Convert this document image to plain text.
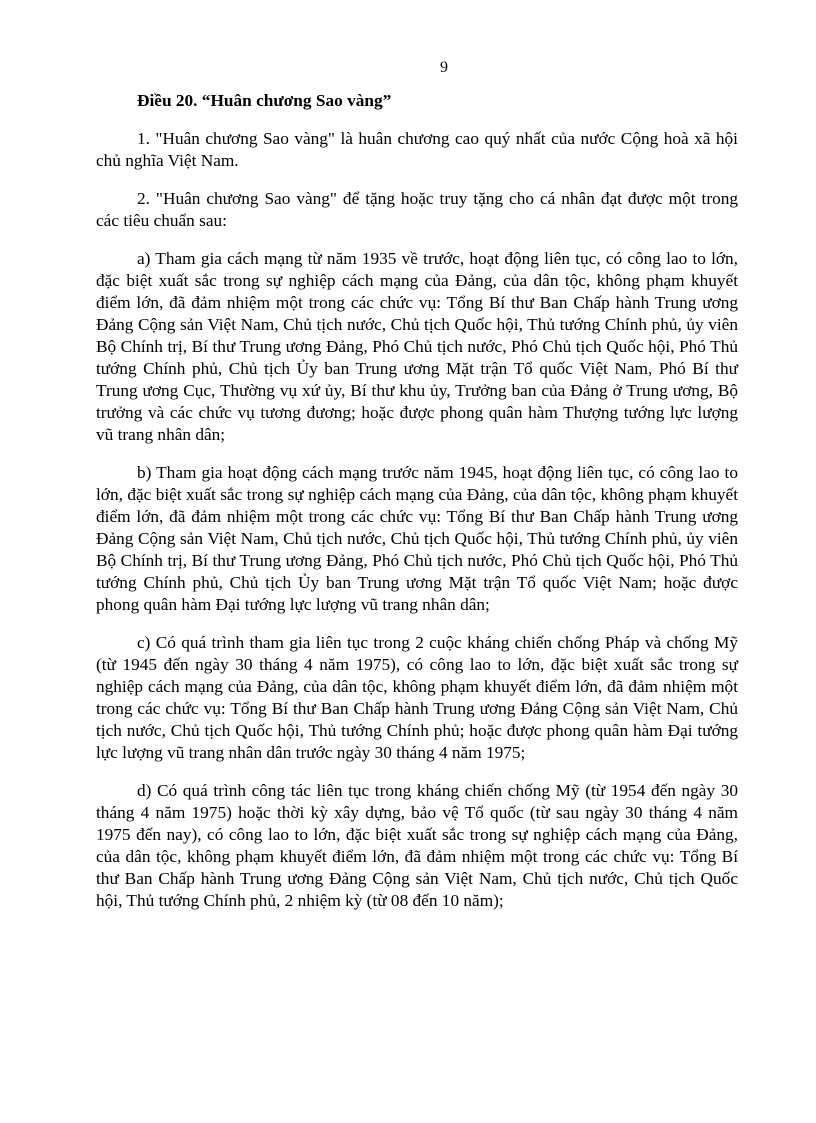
9

Điều 20. “Huân chương Sao vàng”

1. "Huân chương Sao vàng" là huân chương cao quý nhất của nước Cộng hoà xã hội chủ nghĩa Việt Nam.

2. "Huân chương Sao vàng" để tặng hoặc truy tặng cho cá nhân đạt được một trong các tiêu chuẩn sau:

a) Tham gia cách mạng từ năm 1935 về trước, hoạt động liên tục, có công lao to lớn, đặc biệt xuất sắc trong sự nghiệp cách mạng của Đảng, của dân tộc, không phạm khuyết điểm lớn, đã đảm nhiệm một trong các chức vụ: Tổng Bí thư Ban Chấp hành Trung ương Đảng Cộng sản Việt Nam, Chủ tịch nước, Chủ tịch Quốc hội, Thủ tướng Chính phủ, ủy viên Bộ Chính trị, Bí thư Trung ương Đảng, Phó Chủ tịch nước, Phó Chủ tịch Quốc hội, Phó Thủ tướng Chính phủ, Chủ tịch Ủy ban Trung ương Mặt trận Tổ quốc Việt Nam, Phó Bí thư Trung ương Cục, Thường vụ xứ ủy, Bí thư khu ủy, Trưởng ban của Đảng ở Trung ương, Bộ trưởng và các chức vụ tương đương; hoặc được phong quân hàm Thượng tướng lực lượng vũ trang nhân dân;

b) Tham gia hoạt động cách mạng trước năm 1945, hoạt động liên tục, có công lao to lớn, đặc biệt xuất sắc trong sự nghiệp cách mạng của Đảng, của dân tộc, không phạm khuyết điểm lớn, đã đảm nhiệm một trong các chức vụ: Tổng Bí thư Ban Chấp hành Trung ương Đảng Cộng sản Việt Nam, Chủ tịch nước, Chủ tịch Quốc hội, Thủ tướng Chính phủ, ủy viên Bộ Chính trị, Bí thư Trung ương Đảng, Phó Chủ tịch nước, Phó Chủ tịch Quốc hội, Phó Thủ tướng Chính phủ, Chủ tịch Ủy ban Trung ương Mặt trận Tổ quốc Việt Nam; hoặc được phong quân hàm Đại tướng lực lượng vũ trang nhân dân;

c) Có quá trình tham gia liên tục trong 2 cuộc kháng chiến chống Pháp và chống Mỹ (từ 1945 đến ngày 30 tháng 4 năm 1975), có công lao to lớn, đặc biệt xuất sắc trong sự nghiệp cách mạng của Đảng, của dân tộc, không phạm khuyết điểm lớn, đã đảm nhiệm một trong các chức vụ: Tổng Bí thư Ban Chấp hành Trung ương Đảng Cộng sản Việt Nam, Chủ tịch nước, Chủ tịch Quốc hội, Thủ tướng Chính phủ; hoặc được phong quân hàm Đại tướng lực lượng vũ trang nhân dân trước ngày 30 tháng 4 năm 1975;

d) Có quá trình công tác liên tục trong kháng chiến chống Mỹ (từ 1954 đến ngày 30 tháng 4 năm 1975) hoặc thời kỳ xây dựng, bảo vệ Tổ quốc (từ sau ngày 30 tháng 4 năm 1975 đến nay), có công lao to lớn, đặc biệt xuất sắc trong sự nghiệp cách mạng của Đảng, của dân tộc, không phạm khuyết điểm lớn, đã đảm nhiệm một trong các chức vụ: Tổng Bí thư Ban Chấp hành Trung ương Đảng Cộng sản Việt Nam, Chủ tịch nước, Chủ tịch Quốc hội, Thủ tướng Chính phủ, 2 nhiệm kỳ (từ 08 đến 10 năm);
